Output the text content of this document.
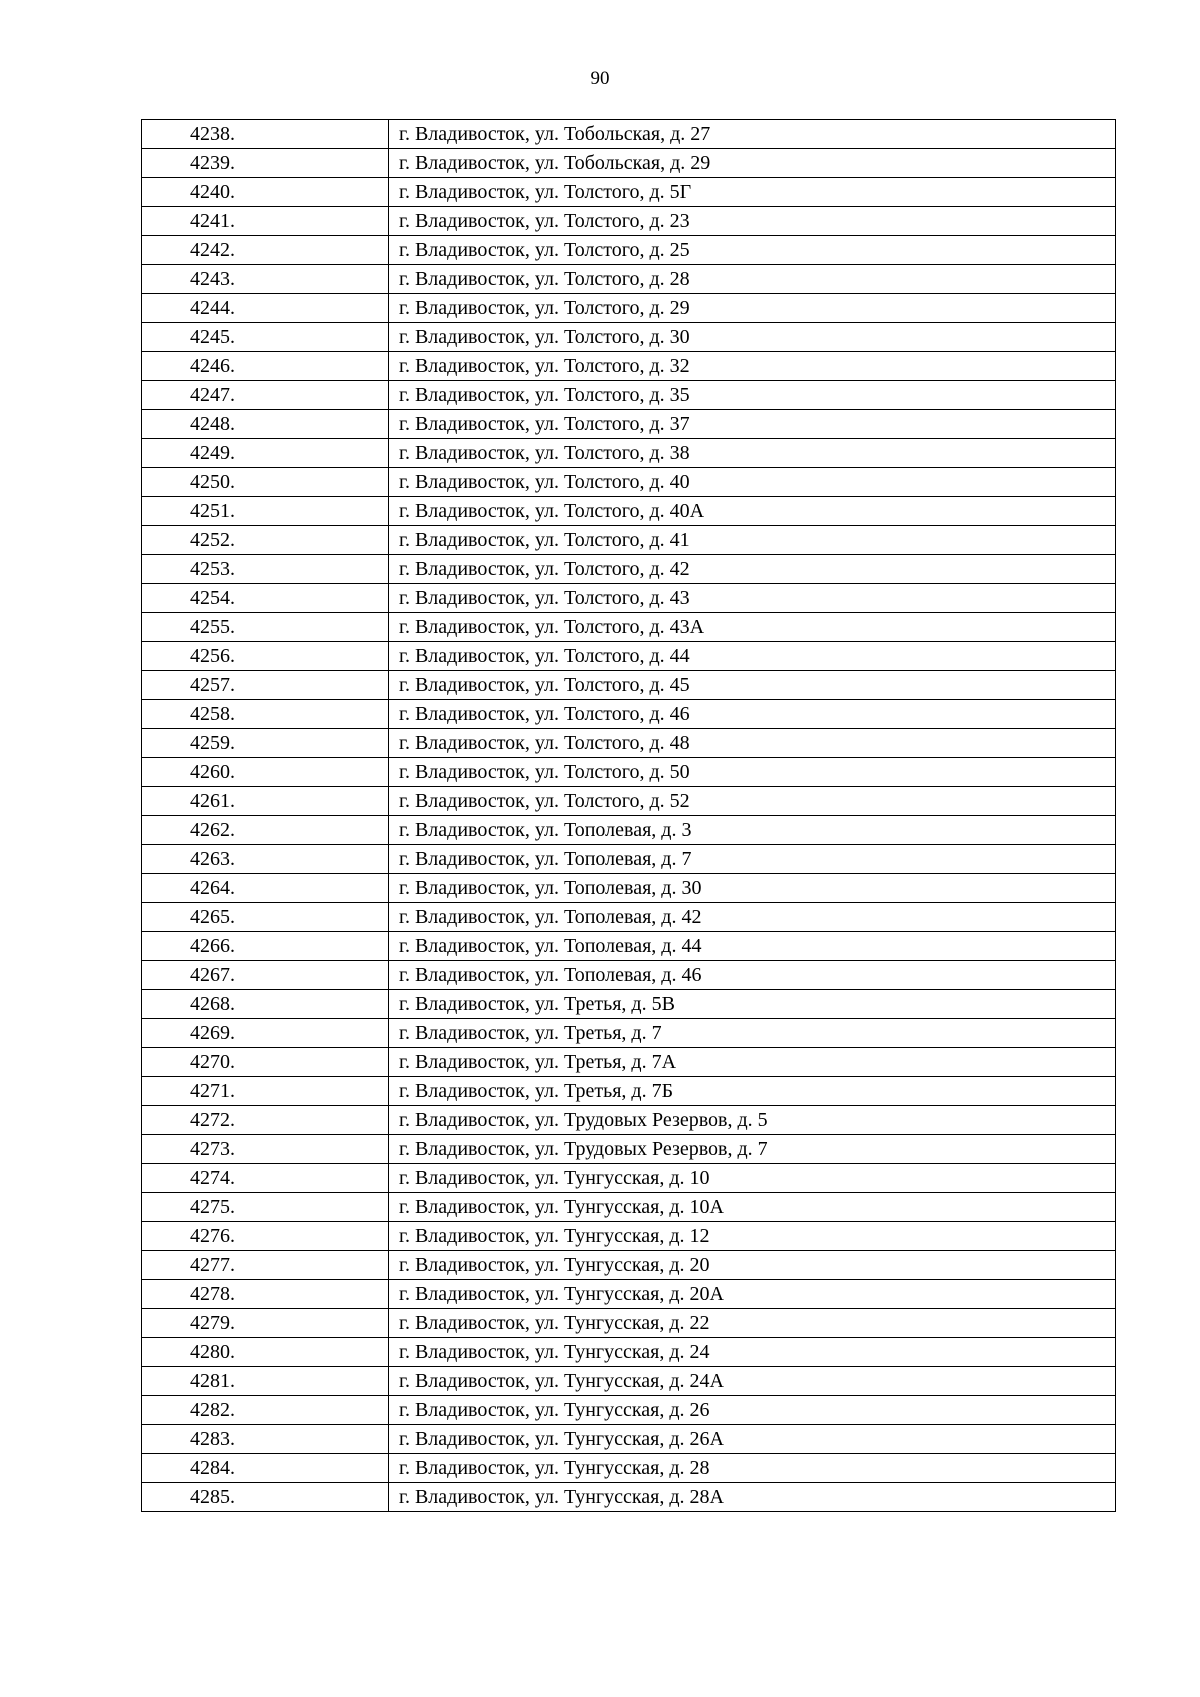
90
4238.	г. Владивосток, ул. Тобольская, д. 27
4239.	г. Владивосток, ул. Тобольская, д. 29
4240.	г. Владивосток, ул. Толстого, д. 5Г
4241.	г. Владивосток, ул. Толстого, д. 23
4242.	г. Владивосток, ул. Толстого, д. 25
4243.	г. Владивосток, ул. Толстого, д. 28
4244.	г. Владивосток, ул. Толстого, д. 29
4245.	г. Владивосток, ул. Толстого, д. 30
4246.	г. Владивосток, ул. Толстого, д. 32
4247.	г. Владивосток, ул. Толстого, д. 35
4248.	г. Владивосток, ул. Толстого, д. 37
4249.	г. Владивосток, ул. Толстого, д. 38
4250.	г. Владивосток, ул. Толстого, д. 40
4251.	г. Владивосток, ул. Толстого, д. 40А
4252.	г. Владивосток, ул. Толстого, д. 41
4253.	г. Владивосток, ул. Толстого, д. 42
4254.	г. Владивосток, ул. Толстого, д. 43
4255.	г. Владивосток, ул. Толстого, д. 43А
4256.	г. Владивосток, ул. Толстого, д. 44
4257.	г. Владивосток, ул. Толстого, д. 45
4258.	г. Владивосток, ул. Толстого, д. 46
4259.	г. Владивосток, ул. Толстого, д. 48
4260.	г. Владивосток, ул. Толстого, д. 50
4261.	г. Владивосток, ул. Толстого, д. 52
4262.	г. Владивосток, ул. Тополевая, д. 3
4263.	г. Владивосток, ул. Тополевая, д. 7
4264.	г. Владивосток, ул. Тополевая, д. 30
4265.	г. Владивосток, ул. Тополевая, д. 42
4266.	г. Владивосток, ул. Тополевая, д. 44
4267.	г. Владивосток, ул. Тополевая, д. 46
4268.	г. Владивосток, ул. Третья, д. 5В
4269.	г. Владивосток, ул. Третья, д. 7
4270.	г. Владивосток, ул. Третья, д. 7А
4271.	г. Владивосток, ул. Третья, д. 7Б
4272.	г. Владивосток, ул. Трудовых Резервов, д. 5
4273.	г. Владивосток, ул. Трудовых Резервов, д. 7
4274.	г. Владивосток, ул. Тунгусская, д. 10
4275.	г. Владивосток, ул. Тунгусская, д. 10А
4276.	г. Владивосток, ул. Тунгусская, д. 12
4277.	г. Владивосток, ул. Тунгусская, д. 20
4278.	г. Владивосток, ул. Тунгусская, д. 20А
4279.	г. Владивосток, ул. Тунгусская, д. 22
4280.	г. Владивосток, ул. Тунгусская, д. 24
4281.	г. Владивосток, ул. Тунгусская, д. 24А
4282.	г. Владивосток, ул. Тунгусская, д. 26
4283.	г. Владивосток, ул. Тунгусская, д. 26А
4284.	г. Владивосток, ул. Тунгусская, д. 28
4285.	г. Владивосток, ул. Тунгусская, д. 28А
